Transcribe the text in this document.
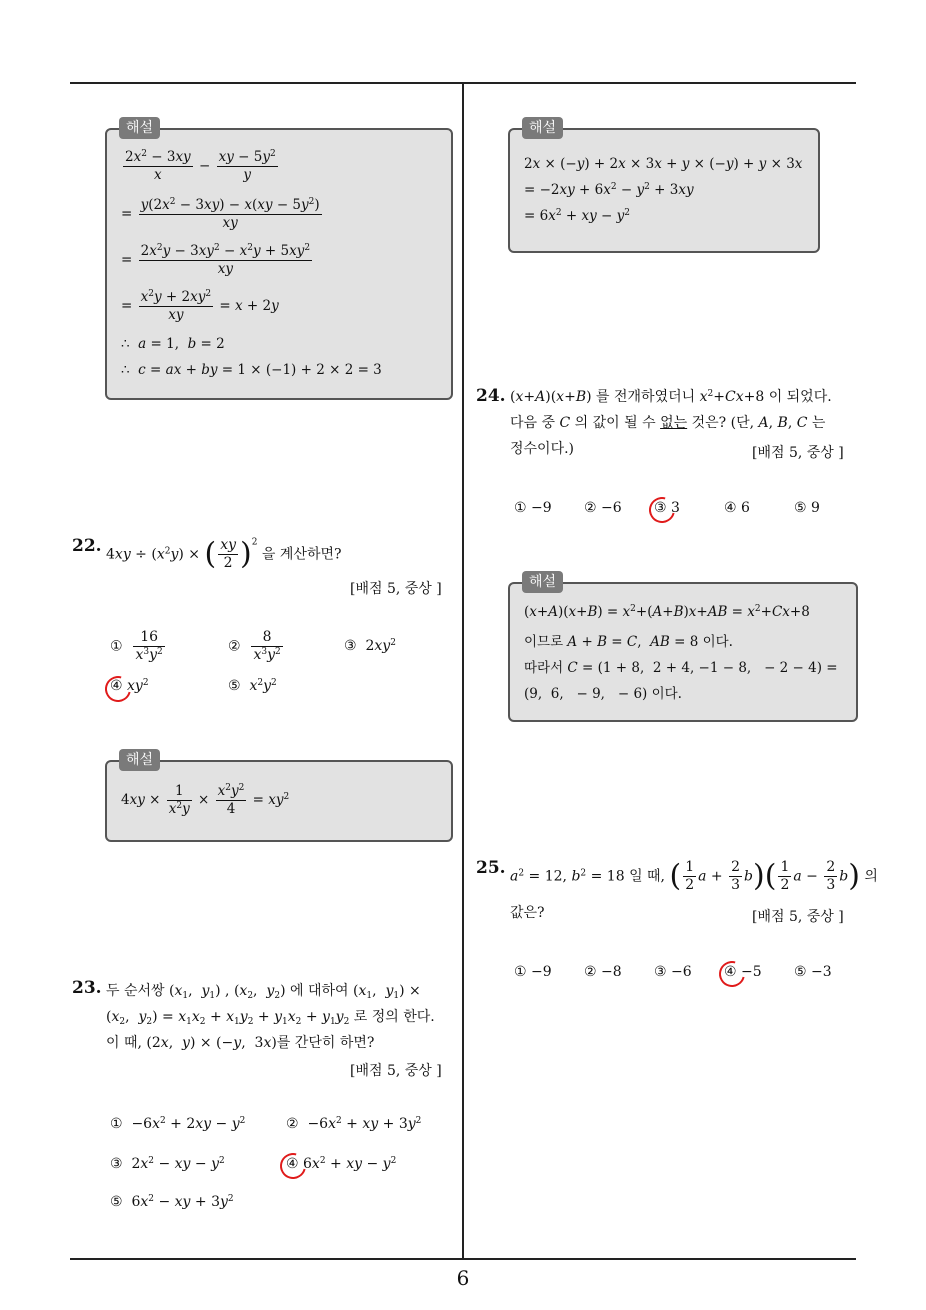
해설
$\frac{2x^2 - 3xy}{x} - \frac{xy - 5y^2}{y}$
= $\frac{y(2x^2 - 3xy) - x(xy - 5y^2)}{xy}$
= $\frac{2x^2y - 3xy^2 - x^2y + 5xy^2}{xy}$
= $\frac{x^2y + 2xy^2}{xy} = x + 2y$
∴  a = 1,  b = 2
∴  c = ax + by = 1 × (−1) + 2 × 2 = 3
22. $4xy \div (x^2y)$ × ( $\frac{xy}{2} )^2$ 을 계산하면?
[배점 5, 중상 ]
① $\frac{16}{x^3y^2}$	② $\frac{8}{x^3y^2}$	③  $2xy^2$
④ $xy^2$	⑤ $x^2y^2$
해설
$4xy \times \frac{1}{x^2y} \times \frac{x^2y^2}{4} = xy^2$
23. 두 순서쌍 ($x_1$,  $y_1$) , ($x_2$,  $y_2$) 에 대하여 ($x_1$,  $y_1$) ×
($x_2$,  $y_2) = x_1x_2 + x_1y_2 + y_1x_2 + y_1y_2$ 로 정의 한다.
이 때, (2x,  y) × (−y,  3x)를 간단히 하면?
[배점 5, 중상 ]
①  $-6x^2 + 2xy - y^2$	②  $-6x^2$ + xy + $3y^2$
③  $2x^2$ − xy − $y^2$	④ $6x^2$ + xy − $y^2$
⑤  $6x^2$ − xy + $3y^2$
해설
2x × (−y) + 2x × 3x + y × (−y) + y × 3x
= $-2xy + 6x^2 - y^2 + 3xy$
= $6x^2$ + xy − $y^2$
24. (x+A)(x+B) 를 전개하였더니 $x^2+Cx+8$ 이 되었다.
다음 중 C 의 값이 될 수 없는 것은? (단, A, B, C 는
정수이다.)	[배점 5, 중상 ]
① −9 ② −6 ③ 3	④ 6	⑤ 9
해설
$(x+A)(x+B) = x^2+(A+B)x+AB = x^2+Cx+8$
이므로 A + B = C,  AB = 8 이다.
따라서 C = (1 + 8,  2 + 4, −1 − 8,   − 2 − 4) =
(9,  6,   − 9,   − 6) 이다.
25. $a^2 = 12$, $b^2 = 18$ 일 때, ( $\frac{1}{2}$ $a + \frac{2}{3} b)( \frac{1}{2}$ $a - \frac{2}{3} b$) 의
값은?	[배점 5, 중상 ]
① −9 ② −8 ③ −6 ④ −5 ⑤ −3
6
